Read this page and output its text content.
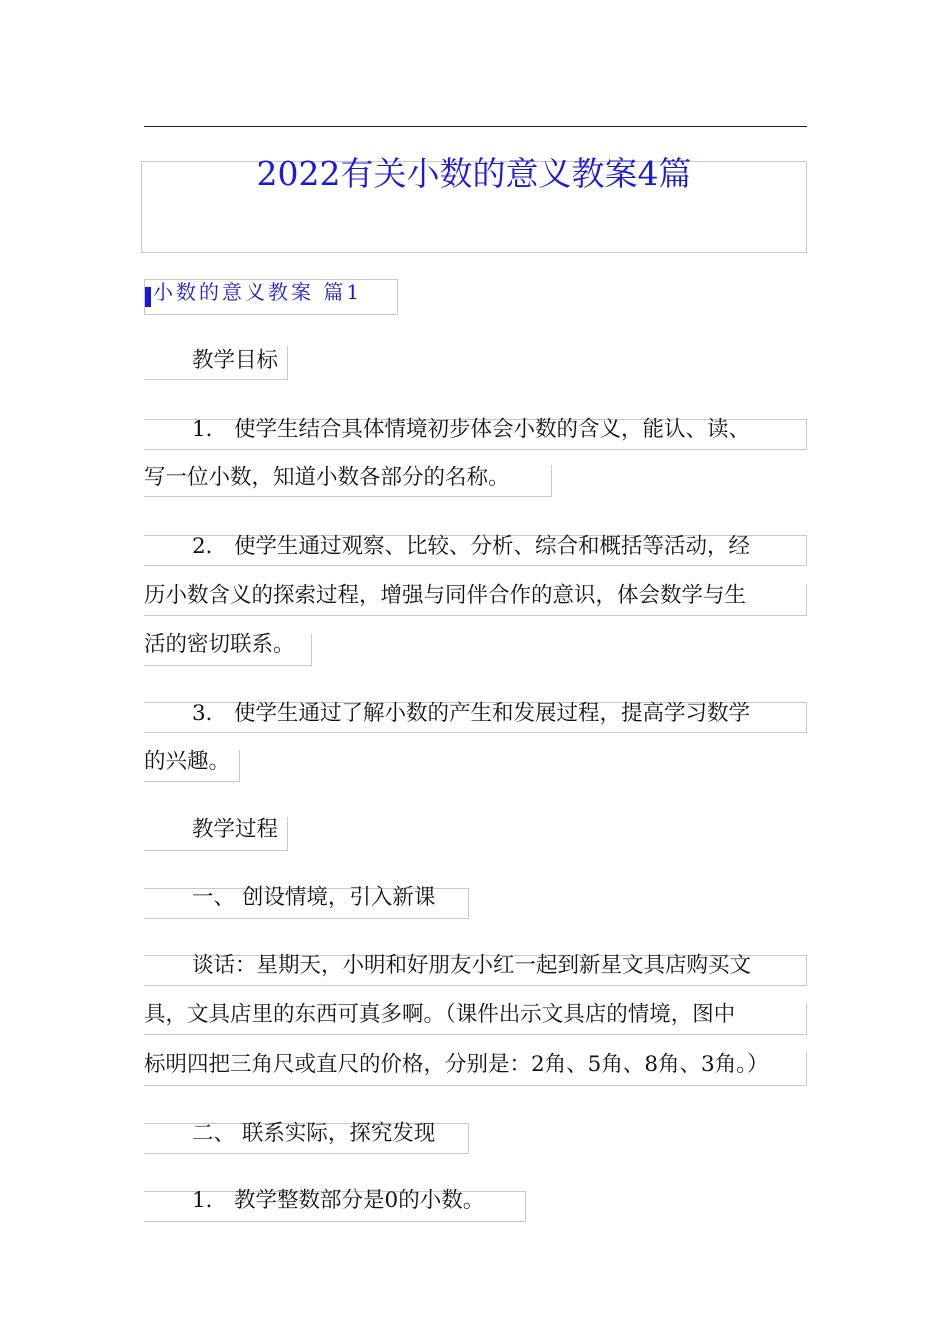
2022有关小数的意义教案4篇
小数的意义教案 篇1
教学目标
1． 使学生结合具体情境初步体会小数的含义，能认、读、
写一位小数，知道小数各部分的名称。
2． 使学生通过观察、比较、分析、综合和概括等活动，经
历小数含义的探索过程，增强与同伴合作的意识，体会数学与生
活的密切联系。
3． 使学生通过了解小数的产生和发展过程，提高学习数学
的兴趣。
教学过程
一、 创设情境，引入新课
谈话：星期天，小明和好朋友小红一起到新星文具店购买文
具，文具店里的东西可真多啊。（课件出示文具店的情境，图中
标明四把三角尺或直尺的价格，分别是：2角、5角、8角、3角。）
二、 联系实际，探究发现
1． 教学整数部分是0的小数。
